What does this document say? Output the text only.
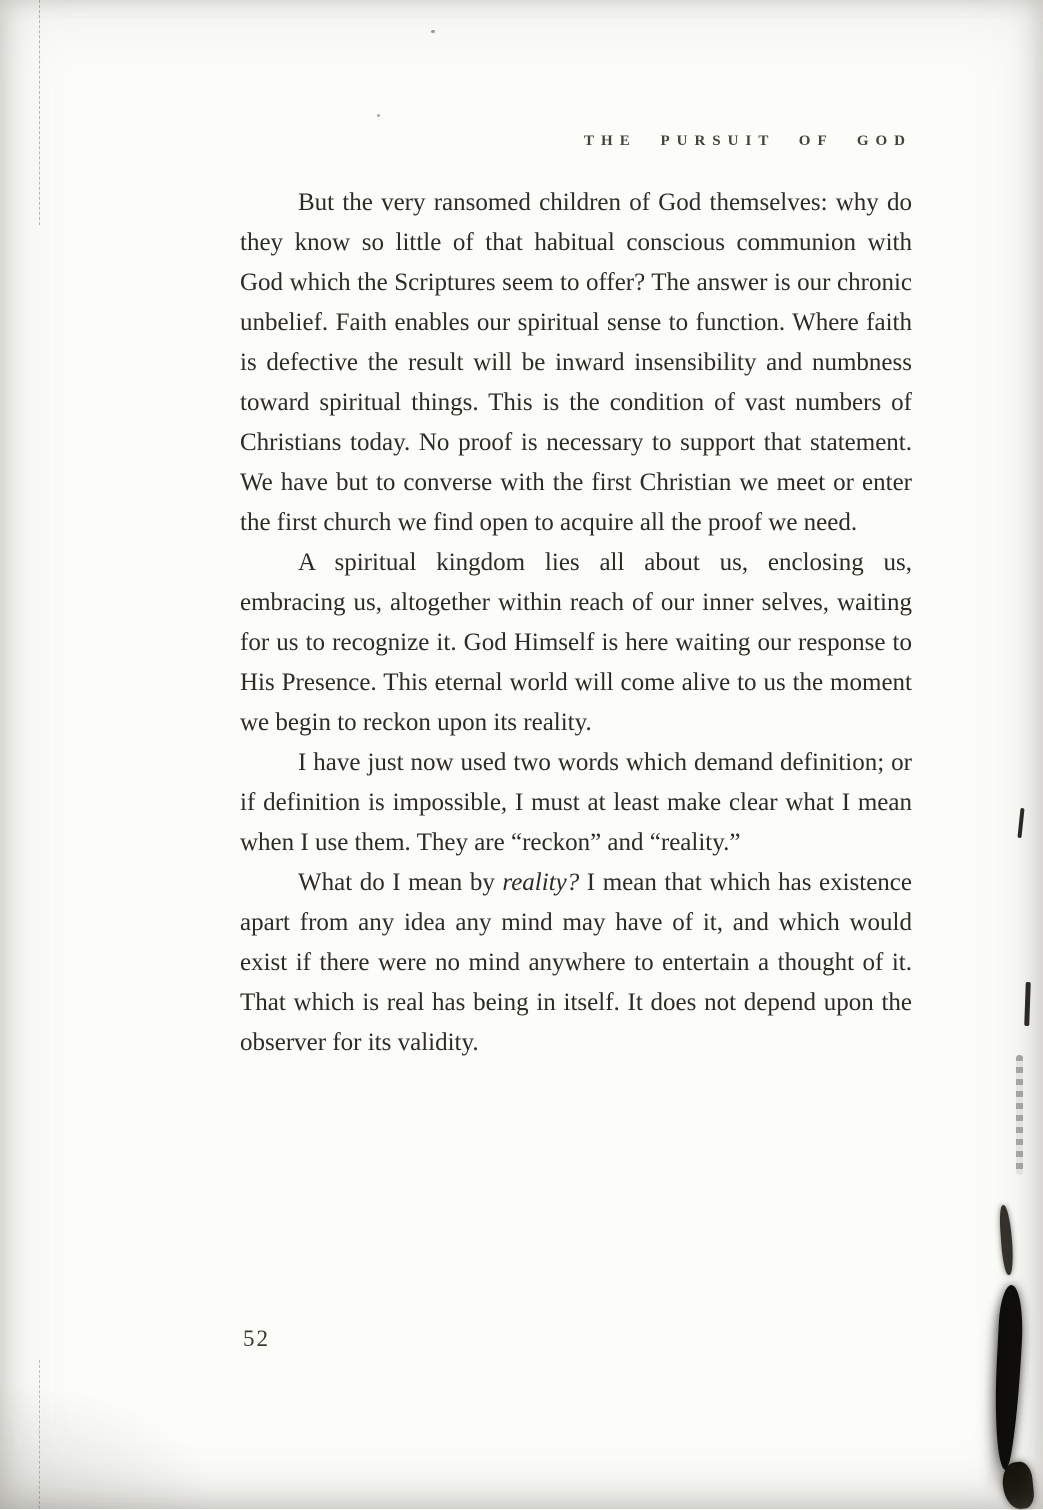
THE PURSUIT OF GOD

But the very ransomed children of God themselves: why do they know so little of that habitual conscious communion with God which the Scriptures seem to offer? The answer is our chronic unbelief. Faith enables our spiritual sense to function. Where faith is defective the result will be inward insensibility and numbness toward spiritual things. This is the condition of vast numbers of Christians today. No proof is necessary to support that statement. We have but to converse with the first Christian we meet or enter the first church we find open to acquire all the proof we need.

A spiritual kingdom lies all about us, enclosing us, embracing us, altogether within reach of our inner selves, waiting for us to recognize it. God Himself is here waiting our response to His Presence. This eternal world will come alive to us the moment we begin to reckon upon its reality.

I have just now used two words which demand definition; or if definition is impossible, I must at least make clear what I mean when I use them. They are “reckon” and “reality.”

What do I mean by reality? I mean that which has existence apart from any idea any mind may have of it, and which would exist if there were no mind anywhere to entertain a thought of it. That which is real has being in itself. It does not depend upon the observer for its validity.

52
